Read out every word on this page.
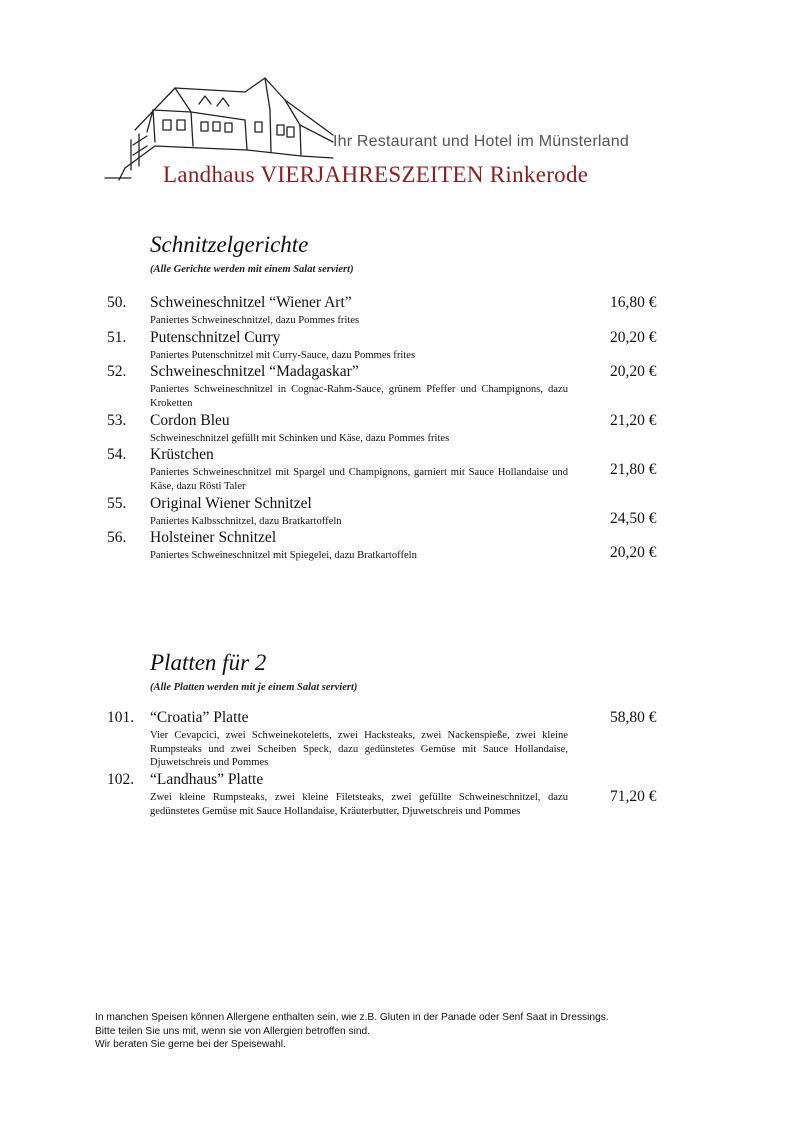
Ihr Restaurant und Hotel im Münsterland
Landhaus VIERJAHRESZEITEN Rinkerode
Schnitzelgerichte
(Alle Gerichte werden mit einem Salat serviert)
50. Schweineschnitzel “Wiener Art”
Paniertes Schweineschnitzel, dazu Pommes frites
16,80 €
51. Putenschnitzel Curry
Paniertes Putenschnitzel mit Curry-Sauce, dazu Pommes frites
20,20 €
52. Schweineschnitzel “Madagaskar”
Paniertes Schweineschnitzel in Cognac-Rahm-Sauce, grünem Pfeffer und Champignons, dazu Kroketten
20,20 €
53. Cordon Bleu
Schweineschnitzel gefüllt mit Schinken und Käse, dazu Pommes frites
21,20 €
54. Krüstchen
Paniertes Schweineschnitzel mit Spargel und Champignons, garniert mit Sauce Hollandaise und Käse, dazu Rösti Taler
21,80 €
55. Original Wiener Schnitzel
Paniertes Kalbsschnitzel, dazu Bratkartoffeln	24,50 €
56. Holsteiner Schnitzel
Paniertes Schweineschnitzel mit Spiegelei, dazu Bratkartoffeln	20,20 €
Platten für 2
(Alle Platten werden mit je einem Salat serviert)
101. “Croatia” Platte
Vier Cevapcici, zwei Schweinekoteletts, zwei Hacksteaks, zwei Nackenspieße, zwei kleine Rumpsteaks und zwei Scheiben Speck, dazu gedünstetes Gemüse mit Sauce Hollandaise, Djuwetschreis und Pommes
58,80 €
102. “Landhaus” Platte
Zwei kleine Rumpsteaks, zwei kleine Filetsteaks, zwei gefüllte Schweineschnitzel, dazu gedünstetes Gemüse mit Sauce Hollandaise, Kräuterbutter, Djuwetschreis und Pommes
71,20 €
In manchen Speisen können Allergene enthalten sein, wie z.B. Gluten in der Panade oder Senf Saat in Dressings.
Bitte teilen Sie uns mit, wenn sie von Allergien betroffen sind.
Wir beraten Sie gerne bei der Speisewahl.
